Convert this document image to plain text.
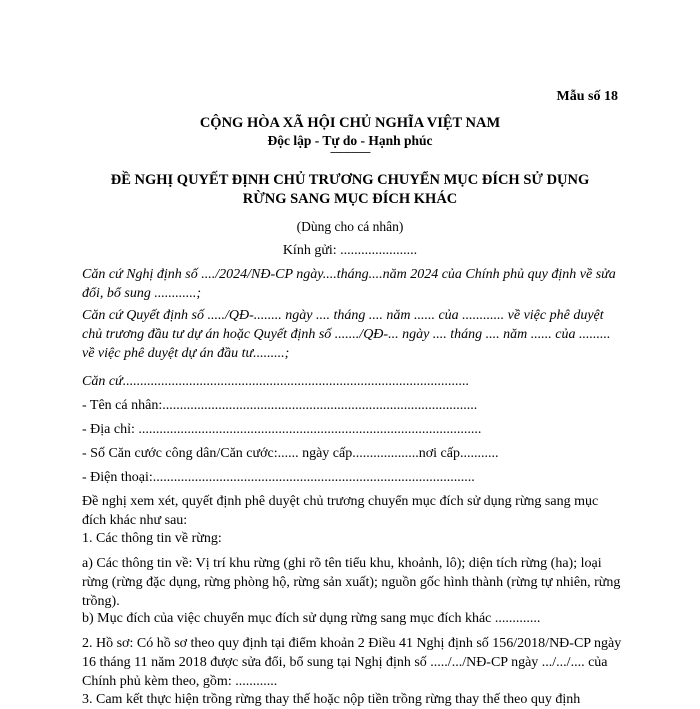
Mẫu số 18
CỘNG HÒA XÃ HỘI CHỦ NGHĨA VIỆT NAM
Độc lập - Tự do - Hạnh phúc
---------------
ĐỀ NGHỊ QUYẾT ĐỊNH CHỦ TRƯƠNG CHUYỂN MỤC ĐÍCH SỬ DỤNG
RỪNG SANG MỤC ĐÍCH KHÁC
(Dùng cho cá nhân)
Kính gửi: ......................

Căn cứ Nghị định số ..../2024/NĐ-CP ngày....tháng....năm 2024 của Chính phủ quy định về sửa đổi, bổ sung ............;

Căn cứ Quyết định số ...../QĐ-........ ngày .... tháng .... năm ...... của ............ về việc phê duyệt chủ trương đầu tư dự án hoặc Quyết định số ......./QĐ-... ngày .... tháng .... năm ...... của ......... về việc phê duyệt dự án đầu tư.........;

Căn cứ...................................................................................................

- Tên cá nhân:..........................................................................................

- Địa chỉ: ..................................................................................................

- Số Căn cước công dân/Căn cước:...... ngày cấp...................nơi cấp...........

- Điện thoại:............................................................................................

Đề nghị xem xét, quyết định phê duyệt chủ trương chuyển mục đích sử dụng rừng sang mục đích khác như sau:

1. Các thông tin về rừng:

a) Các thông tin về: Vị trí khu rừng (ghi rõ tên tiểu khu, khoảnh, lô); diện tích rừng (ha); loại rừng (rừng đặc dụng, rừng phòng hộ, rừng sản xuất); nguồn gốc hình thành (rừng tự nhiên, rừng trồng).

b) Mục đích của việc chuyển mục đích sử dụng rừng sang mục đích khác .............

2. Hồ sơ: Có hồ sơ theo quy định tại điểm khoản 2 Điều 41 Nghị định số 156/2018/NĐ-CP ngày 16 tháng 11 năm 2018 được sửa đổi, bổ sung tại Nghị định số ...../.../NĐ-CP ngày .../.../.... của Chính phủ kèm theo, gồm: ............

3. Cam kết thực hiện trồng rừng thay thế hoặc nộp tiền trồng rừng thay thế theo quy định
